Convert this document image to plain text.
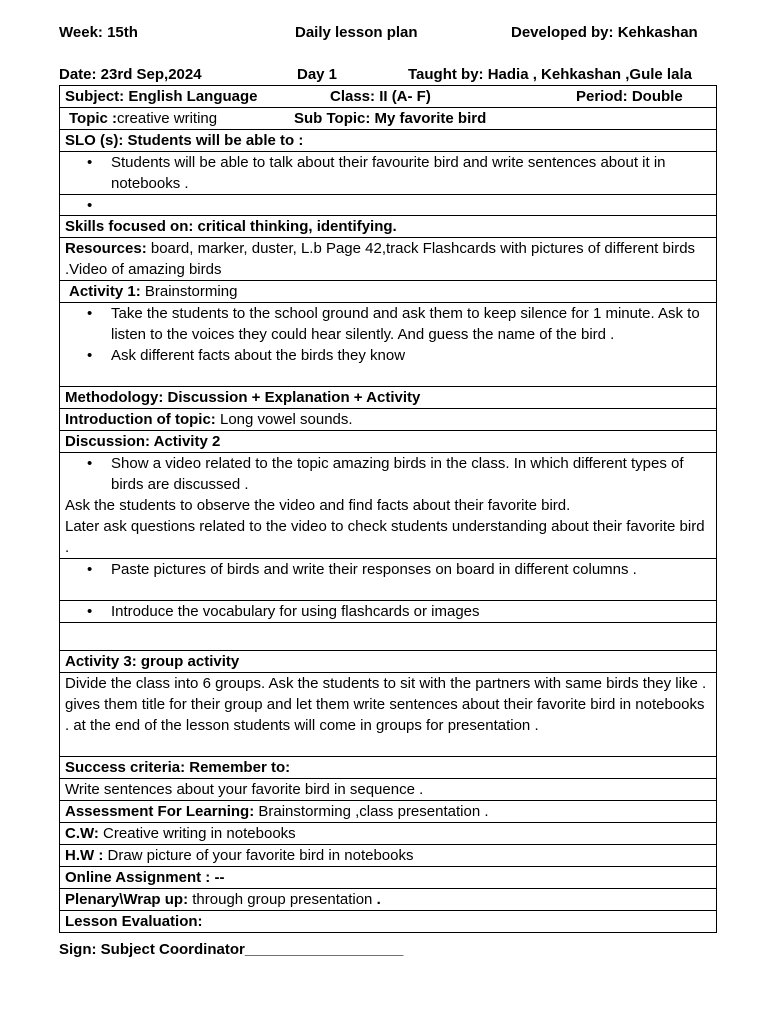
Week: 15th	Daily lesson plan	Developed by: Kehkashan
Date: 23rd Sep,2024	Day 1	Taught by: Hadia , Kehkashan ,Gule lala
Subject: English Language	Class: II (A- F)	Period: Double

Topic :creative writing	Sub Topic: My favorite bird

SLO (s): Students will be able to :

• Students will be able to talk about their favourite bird and write sentences about it in notebooks .

Skills focused on: critical thinking, identifying.
Resources: board, marker, duster, L.b Page 42,track Flashcards with pictures of different birds .Video of amazing birds
Activity 1: Brainstorming

• Take the students to the school ground and ask them to keep silence for 1 minute. Ask to listen to the voices they could hear silently. And guess the name of the bird .
• Ask different facts about the birds they know

Methodology: Discussion + Explanation + Activity
Introduction of topic: Long vowel sounds.
Discussion: Activity 2

• Show a video related to the topic amazing birds in the class. In which different types of birds are discussed .
Ask the students to observe the video and find facts about their favorite bird.
Later ask questions related to the video to check students understanding about their favorite bird .

• Paste pictures of birds and write their responses on board in different columns .

• Introduce the vocabulary for using flashcards or images

Activity 3: group activity
Divide the class into 6 groups. Ask the students to sit with the partners with same birds they like . gives them title for their group and let them write sentences about their favorite bird in notebooks . at the end of the lesson students will come in groups for presentation .
Success criteria: Remember to:
Write sentences about your favorite bird in sequence .
Assessment For Learning: Brainstorming ,class presentation .
C.W: Creative writing in notebooks
H.W : Draw picture of your favorite bird in notebooks
Online Assignment : --
Plenary\Wrap up: through group presentation .
Lesson Evaluation:
Sign: Subject Coordinator___________________
